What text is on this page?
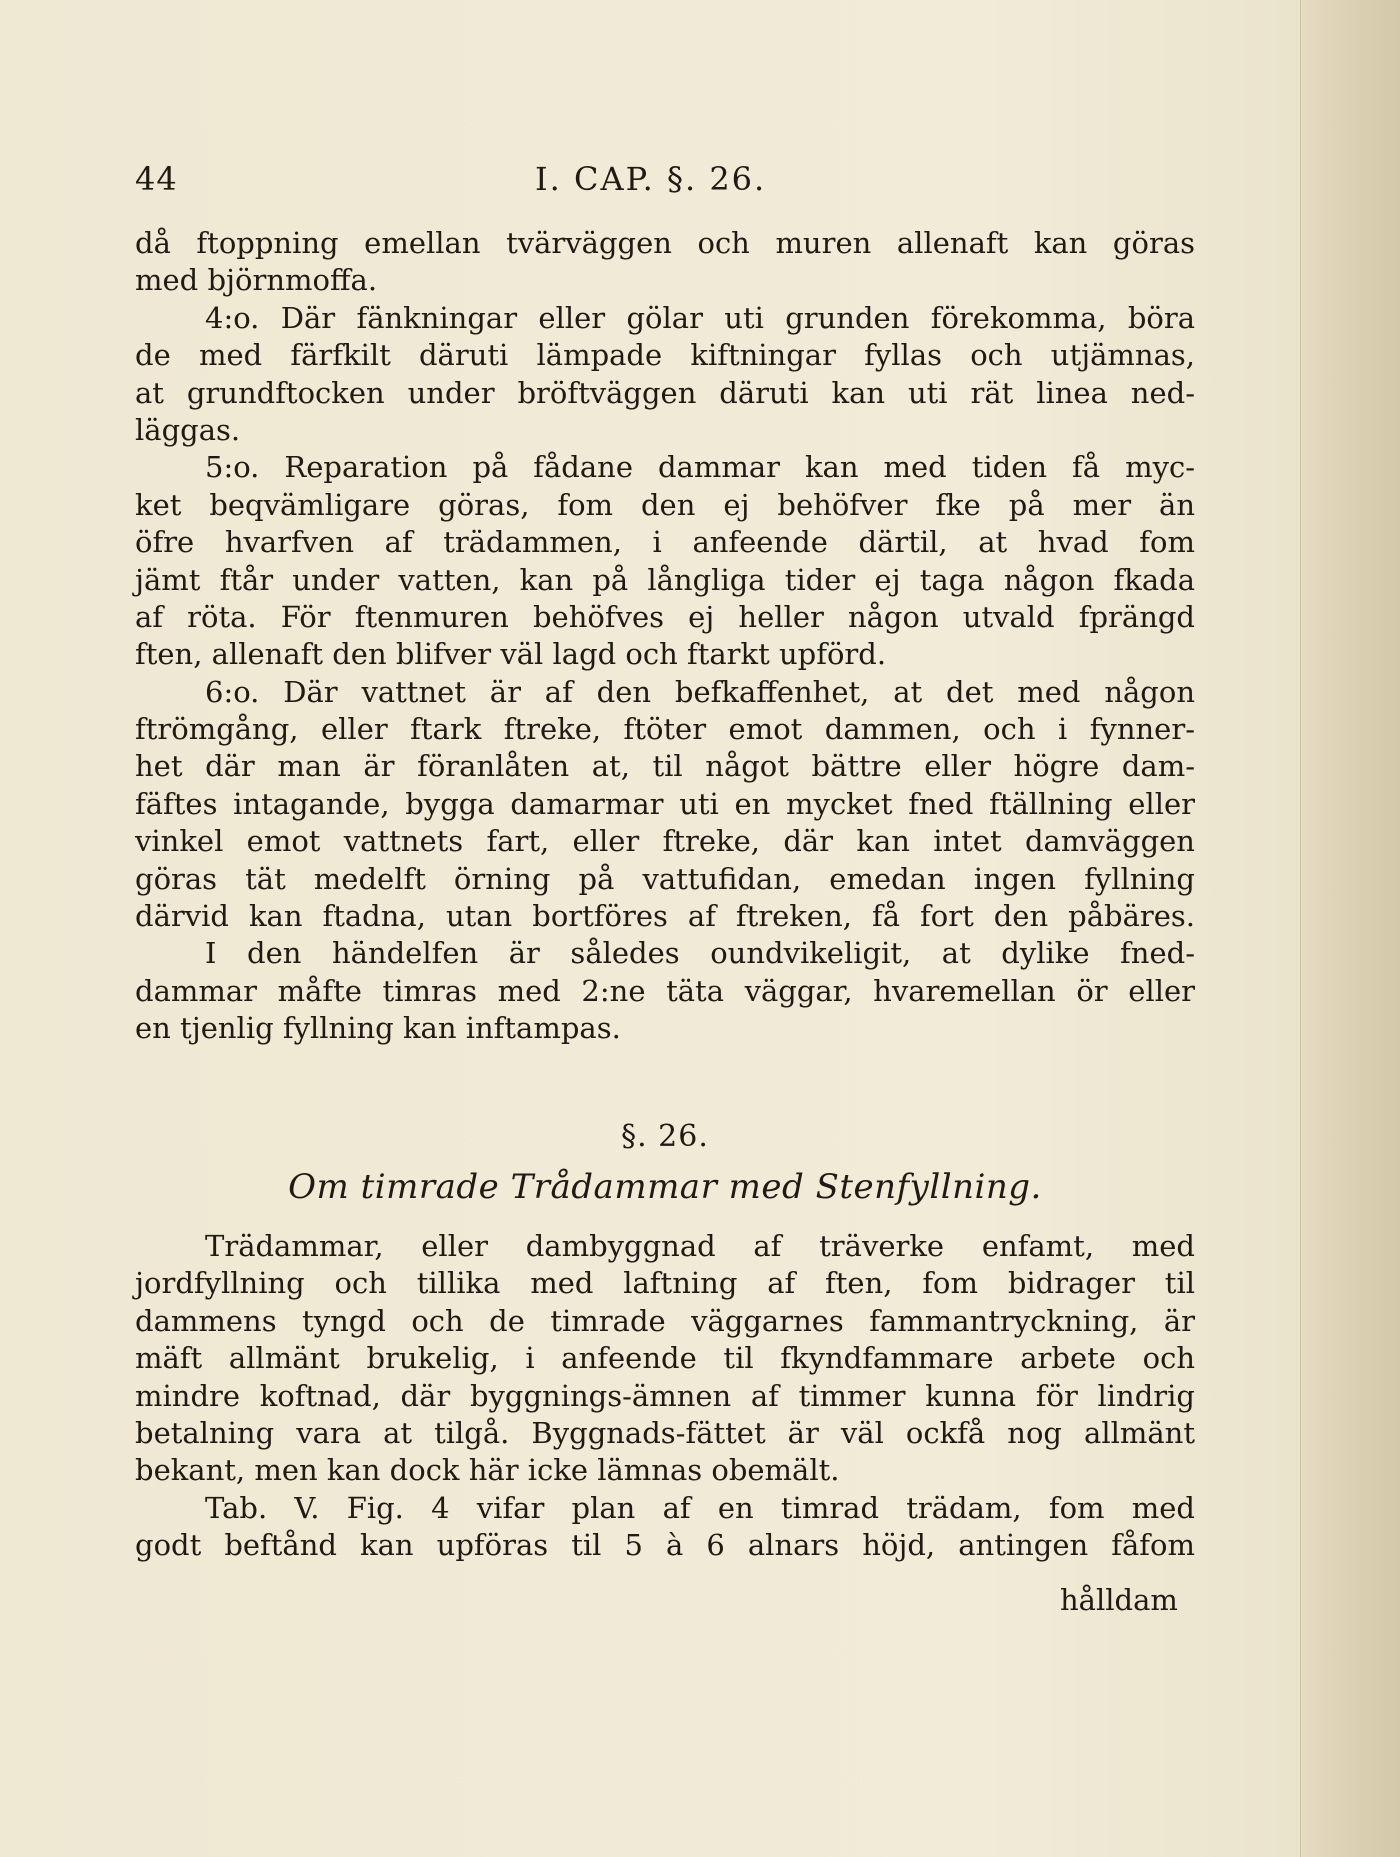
44	I. CAP. §. 26.
då ftoppning emellan tvärväggen och muren allenaft kan göras
med björnmoffa.
4:o. Där fänkningar eller gölar uti grunden förekomma, böra
de med färfkilt däruti lämpade kiftningar fyllas och utjämnas,
at grundftocken under bröftväggen däruti kan uti rät linea ned-
läggas.
5:o. Reparation på fådane dammar kan med tiden få myc-
ket beqvämligare göras, fom den ej behöfver fke på mer än
öfre hvarfven af trädammen, i anfeende därtil, at hvad fom
jämt ftår under vatten, kan på långliga tider ej taga någon fkada
af röta. För ftenmuren behöfves ej heller någon utvald fprängd
ften, allenaft den blifver väl lagd och ftarkt upförd.
6:o. Där vattnet är af den befkaffenhet, at det med någon
ftrömgång, eller ftark ftreke, ftöter emot dammen, och i fynner-
het där man är föranlåten at, til något bättre eller högre dam-
fäftes intagande, bygga damarmar uti en mycket fned ftällning eller
vinkel emot vattnets fart, eller ftreke, där kan intet damväggen
göras tät medelft örning på vattufidan, emedan ingen fyllning
därvid kan ftadna, utan bortföres af ftreken, få fort den påbäres.
I den händelfen är således oundvikeligit, at dylike fned-
dammar måfte timras med 2:ne täta väggar, hvaremellan ör eller
en tjenlig fyllning kan inftampas.
§. 26.
Om timrade Trådammar med Stenfyllning.
Trädammar, eller dambyggnad af träverke enfamt, med
jordfyllning och tillika med laftning af ften, fom bidrager til
dammens tyngd och de timrade väggarnes fammantryckning, är
mäft allmänt brukelig, i anfeende til fkyndfammare arbete och
mindre koftnad, där byggnings-ämnen af timmer kunna för lindrig
betalning vara at tilgå. Byggnads-fättet är väl ockfå nog allmänt
bekant, men kan dock här icke lämnas obemält.
Tab. V. Fig. 4 vifar plan af en timrad trädam, fom med
godt beftånd kan upföras til 5 à 6 alnars höjd, antingen fåfom
hålldam
